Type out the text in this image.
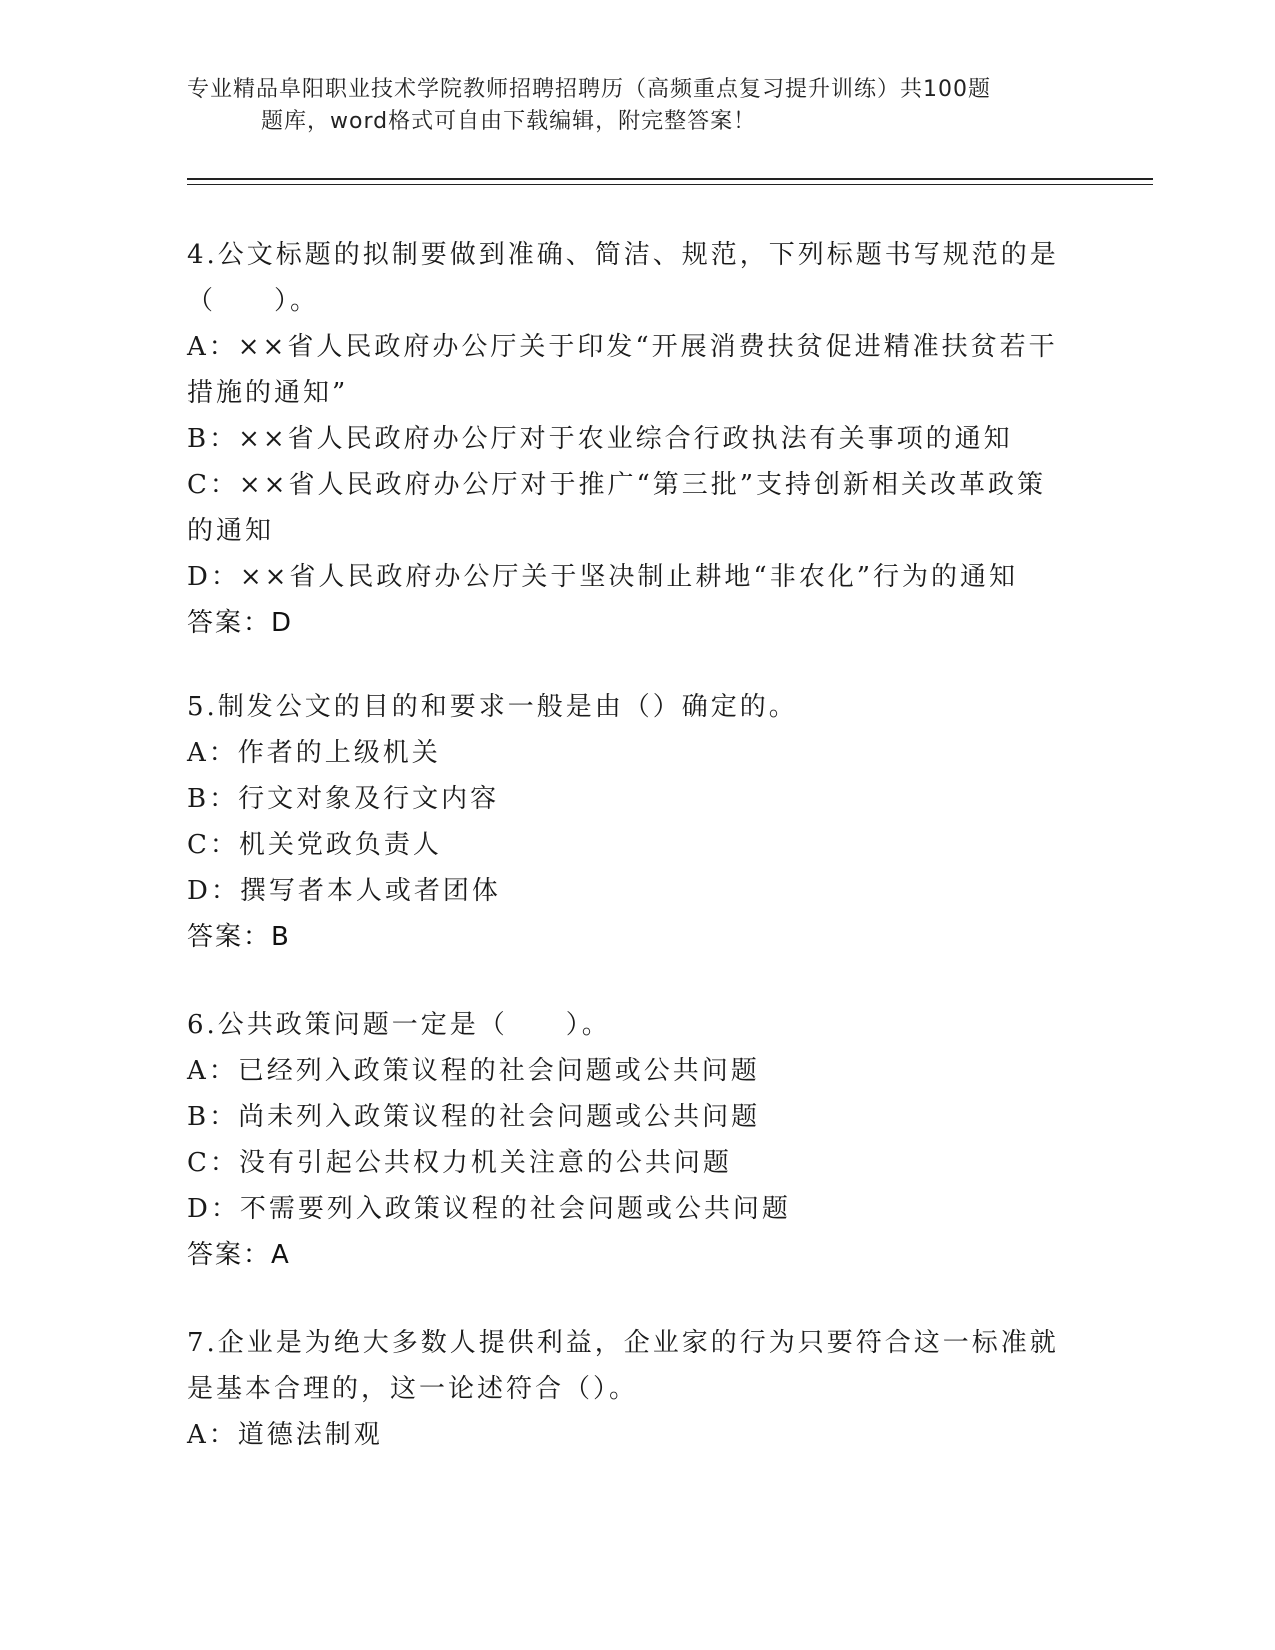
专业精品阜阳职业技术学院教师招聘招聘历（高频重点复习提升训练）共100题
题库，word格式可自由下载编辑，附完整答案！
4.公文标题的拟制要做到准确、简洁、规范，下列标题书写规范的是
（　　）。
A：××省人民政府办公厅关于印发“开展消费扶贫促进精准扶贫若干
措施的通知”
B：××省人民政府办公厅对于农业综合行政执法有关事项的通知
C：××省人民政府办公厅对于推广“第三批”支持创新相关改革政策
的通知
D：××省人民政府办公厅关于坚决制止耕地“非农化”行为的通知
答案：D
5.制发公文的目的和要求一般是由（）确定的。
A：作者的上级机关
B：行文对象及行文内容
C：机关党政负责人
D：撰写者本人或者团体
答案：B
6.公共政策问题一定是（　　）。
A：已经列入政策议程的社会问题或公共问题
B：尚未列入政策议程的社会问题或公共问题
C：没有引起公共权力机关注意的公共问题
D：不需要列入政策议程的社会问题或公共问题
答案：A
7.企业是为绝大多数人提供利益，企业家的行为只要符合这一标准就
是基本合理的，这一论述符合（）。
A：道德法制观
